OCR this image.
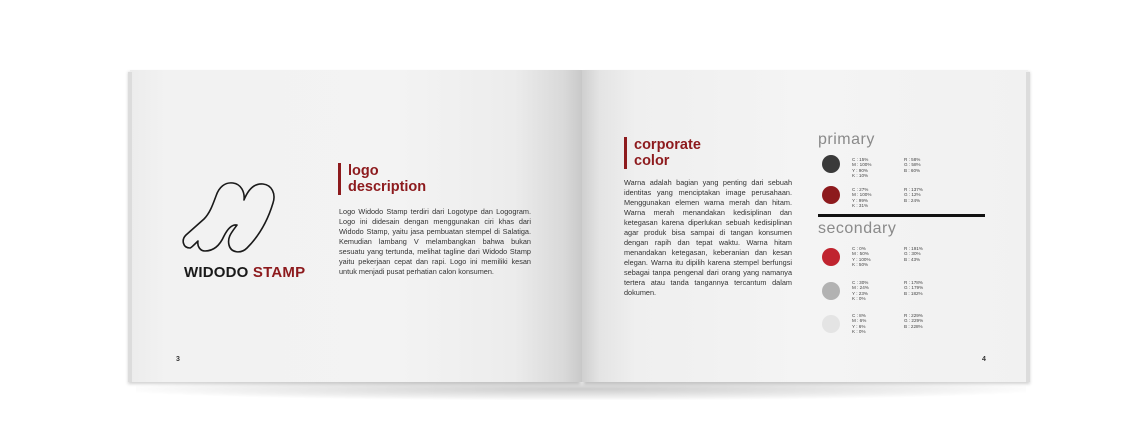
WIDODO STAMP
logo
description
Logo Widodo Stamp terdiri dari Logotype dan Logogram. Logo ini didesain dengan menggunakan ciri khas dari Widodo Stamp, yaitu jasa pembuatan stempel di Salatiga. Kemudian lambang V melambangkan bahwa bukan sesuatu yang tertunda, melihat tagline dari Widodo Stamp yaitu pekerjaan cepat dan rapi. Logo ini memiliki kesan untuk menjadi pusat perhatian calon konsumen.
3
corporate
color
Warna adalah bagian yang penting dari sebuah identitas yang menciptakan image perusahaan. Menggunakan elemen warna merah dan hitam. Warna merah menandakan kedisiplinan dan ketegasan karena diperlukan sebuah kedisiplinan agar produk bisa sampai di tangan konsumen dengan rapih dan tepat waktu. Warna hitam menandakan ketegasan, keberanian dan kesan elegan. Warna itu dipilih karena stempel berfungsi sebagai tanpa pengenal dari orang yang namanya tertera atau tanda tangannya tercantum dalam dokumen.
primary
C : 15%
M : 100%
Y : 90%
K : 10%
R : 58%
G : 58%
B : 60%
C : 27%
M : 100%
Y : 99%
K : 31%
R : 137%
G : 12%
B : 24%
secondary
C : 0%
M : 50%
Y : 100%
K : 50%
R : 191%
G : 30%
B : 43%
C : 30%
M : 24%
Y : 23%
K : 0%
R : 178%
G : 179%
B : 182%
C : 8%
M : 6%
Y : 6%
K : 0%
R : 229%
G : 229%
B : 228%
4
